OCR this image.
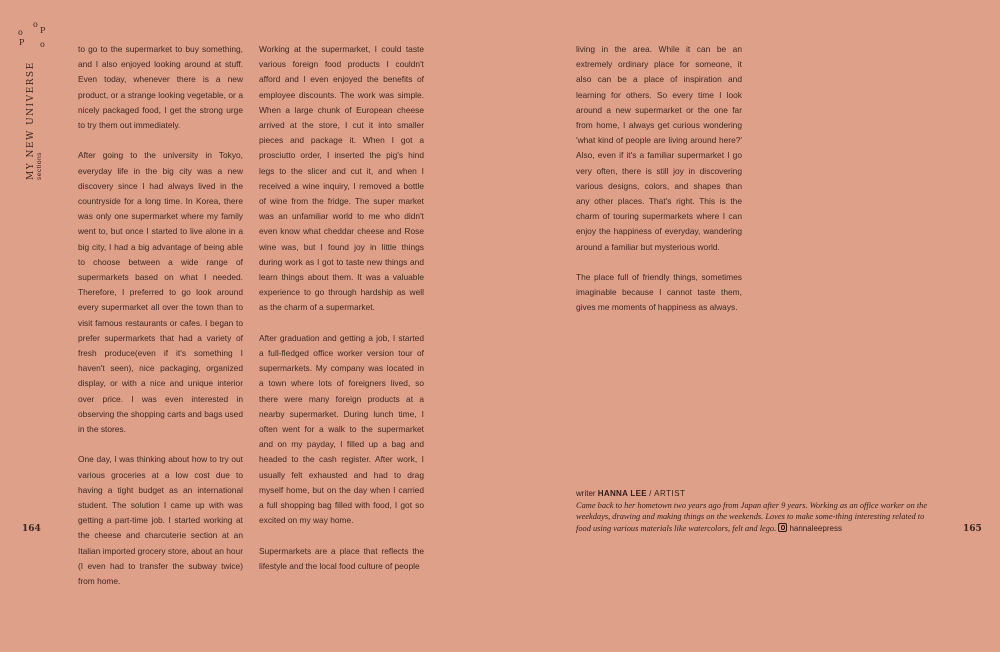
o
P
o
P
o
MY NEW UNIVERSE sections

to go to the supermarket to buy something, and I also enjoyed looking around at stuff. Even today, whenever there is a new product, or a strange looking vegetable, or a nicely packaged food, I get the strong urge to try them out immediately.

After going to the university in Tokyo, everyday life in the big city was a new discovery since I had always lived in the countryside for a long time. In Korea, there was only one supermarket where my family went to, but once I started to live alone in a big city, I had a big advantage of being able to choose between a wide range of supermarkets based on what I needed. Therefore, I preferred to go look around every supermarket all over the town than to visit famous restaurants or cafes. I began to prefer supermarkets that had a variety of fresh produce(even if it's something I haven't seen), nice packaging, organized display, or with a nice and unique interior over price. I was even interested in observing the shopping carts and bags used in the stores.

One day, I was thinking about how to try out various groceries at a low cost due to having a tight budget as an international student. The solution I came up with was getting a part-time job. I started working at the cheese and charcuterie section at an Italian imported grocery store, about an hour (I even had to transfer the subway twice) from home.

Working at the supermarket, I could taste various foreign food products I couldn't afford and I even enjoyed the benefits of employee discounts. The work was simple. When a large chunk of European cheese arrived at the store, I cut it into smaller pieces and package it. When I got a prosciutto order, I inserted the pig's hind legs to the slicer and cut it, and when I received a wine inquiry, I removed a bottle of wine from the fridge. The super market was an unfamiliar world to me who didn't even know what cheddar cheese and Rose wine was, but I found joy in little things during work as I got to taste new things and learn things about them. It was a valuable experience to go through hardship as well as the charm of a supermarket.

After graduation and getting a job, I started a full-fledged office worker version tour of supermarkets. My company was located in a town where lots of foreigners lived, so there were many foreign products at a nearby supermarket. During lunch time, I often went for a walk to the supermarket and on my payday, I filled up a bag and headed to the cash register. After work, I usually felt exhausted and had to drag myself home, but on the day when I carried a full shopping bag filled with food, I got so excited on my way home.

Supermarkets are a place that reflects the lifestyle and the local food culture of people

living in the area. While it can be an extremely ordinary place for someone, it also can be a place of inspiration and learning for others. So every time I look around a new supermarket or the one far from home, I always get curious wondering 'what kind of people are living around here?' Also, even if it's a familiar supermarket I go very often, there is still joy in discovering various designs, colors, and shapes than any other places. That's right. This is the charm of touring supermarkets where I can enjoy the happiness of everyday, wandering around a familiar but mysterious world.

The place full of friendly things, sometimes imaginable because I cannot taste them, gives me moments of happiness as always.

writer HANNA LEE / ARTIST
Came back to her hometown two years ago from Japan after 9 years. Working as an office worker on the weekdays, drawing and making things on the weekends. Loves to make some-thing interesting related to food using various materials like watercolors, felt and lego. hannaleepress
164	165
